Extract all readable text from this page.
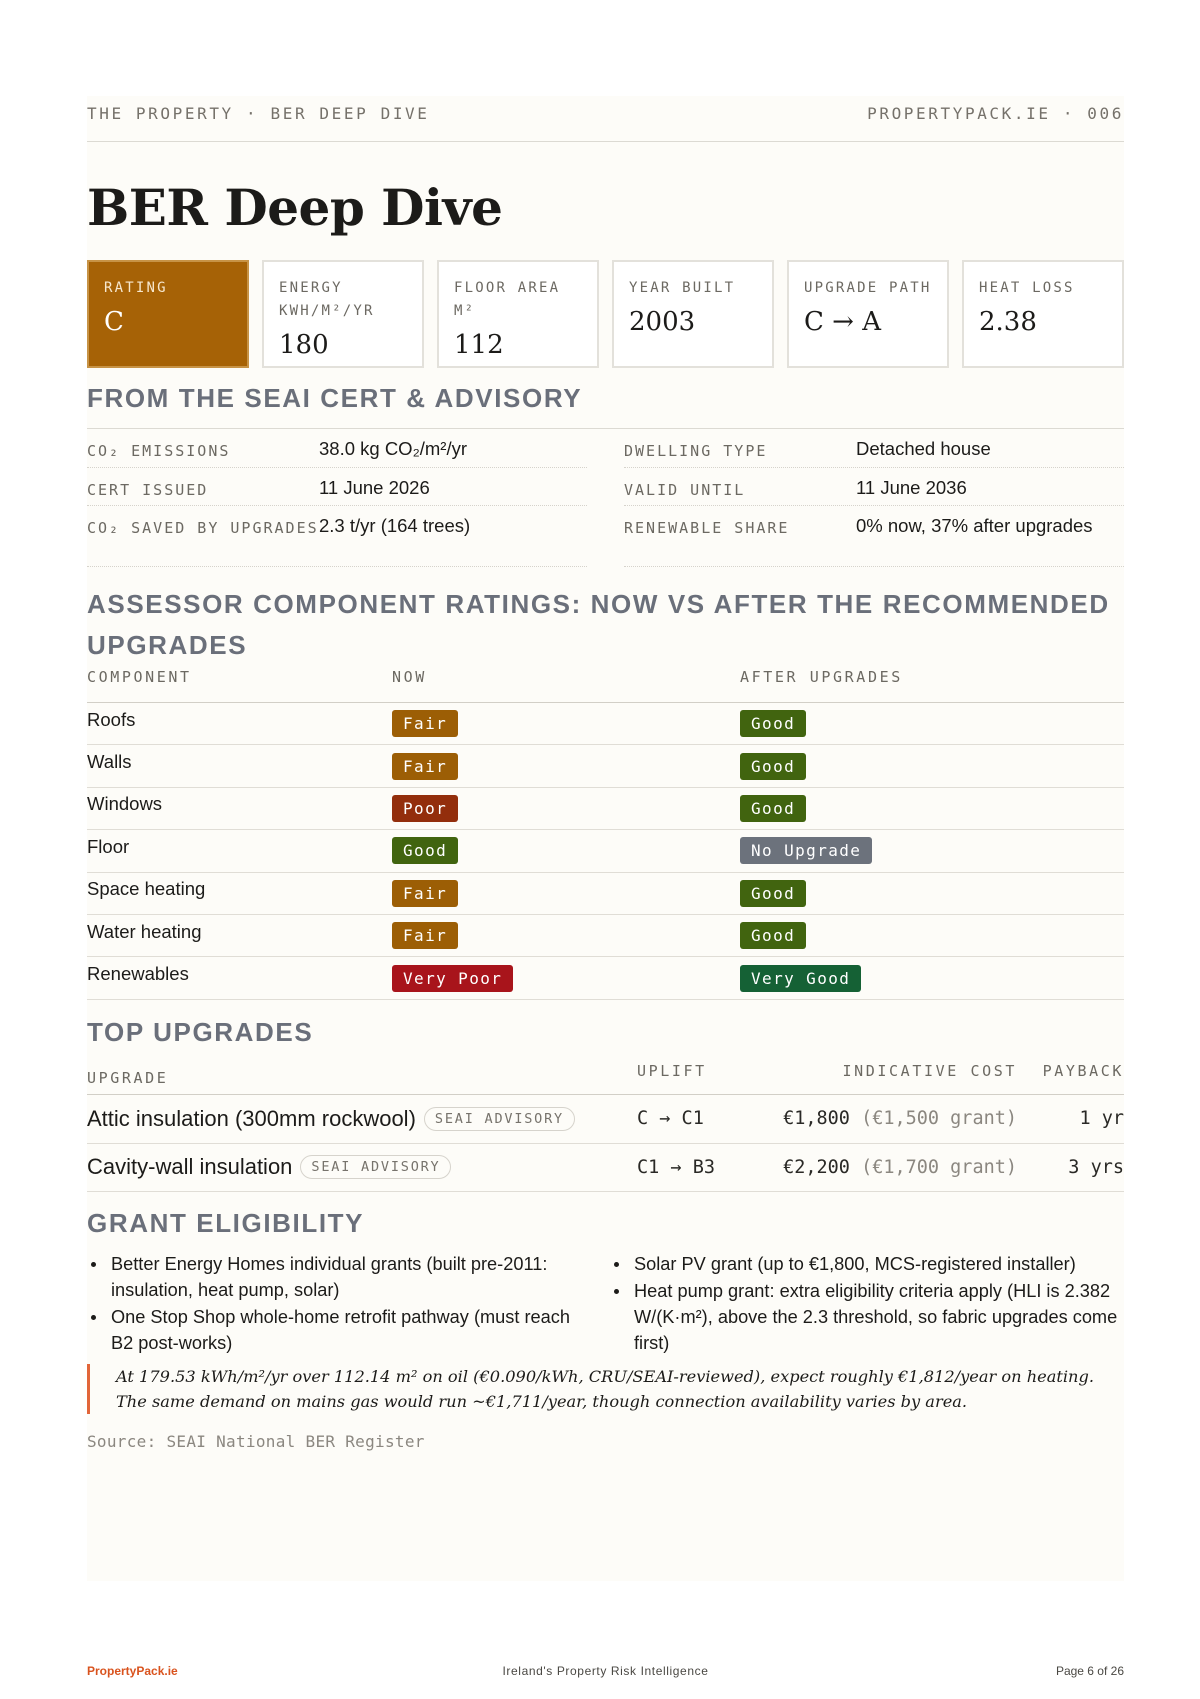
THE PROPERTY · BER DEEP DIVE	PROPERTYPACK.IE · 006
BER Deep Dive
RATING
C
ENERGY KWH/M²/YR
180
FLOOR AREA M²
112
YEAR BUILT
2003
UPGRADE PATH
C → A
HEAT LOSS
2.38
FROM THE SEAI CERT & ADVISORY
CO₂ EMISSIONS	38.0 kg CO₂/m²/yr
CERT ISSUED	11 June 2026
CO₂ SAVED BY UPGRADES 2.3 t/yr (164 trees)
DWELLING TYPE	Detached house
VALID UNTIL	11 June 2036
RENEWABLE SHARE	0% now, 37% after upgrades
ASSESSOR COMPONENT RATINGS: NOW VS AFTER THE RECOMMENDED UPGRADES
COMPONENT	NOW	AFTER UPGRADES
Roofs	Fair	Good
Walls	Fair	Good
Windows	Poor	Good
Floor	Good	No Upgrade
Space heating	Fair	Good
Water heating	Fair	Good
Renewables	Very Poor	Very Good
TOP UPGRADES
UPGRADE	UPLIFT	INDICATIVE COST	PAYBACK
Attic insulation (300mm rockwool)	SEAI ADVISORY	C → C1	€1,800 (€1,500 grant)	1 yr
Cavity-wall insulation	SEAI ADVISORY	C1 → B3	€2,200 (€1,700 grant)	3 yrs
GRANT ELIGIBILITY
Better Energy Homes individual grants (built pre-2011: insulation, heat pump, solar)
One Stop Shop whole-home retrofit pathway (must reach B2 post-works)
Solar PV grant (up to €1,800, MCS-registered installer)
Heat pump grant: extra eligibility criteria apply (HLI is 2.382 W/(K·m²), above the 2.3 threshold, so fabric upgrades come first)
At 179.53 kWh/m²/yr over 112.14 m² on oil (€0.090/kWh, CRU/SEAI-reviewed), expect roughly €1,812/year on heating. The same demand on mains gas would run ~€1,711/year, though connection availability varies by area.
Source: SEAI National BER Register
Ireland's Property Risk Intelligence
PropertyPack.ie	Page 6 of 26
